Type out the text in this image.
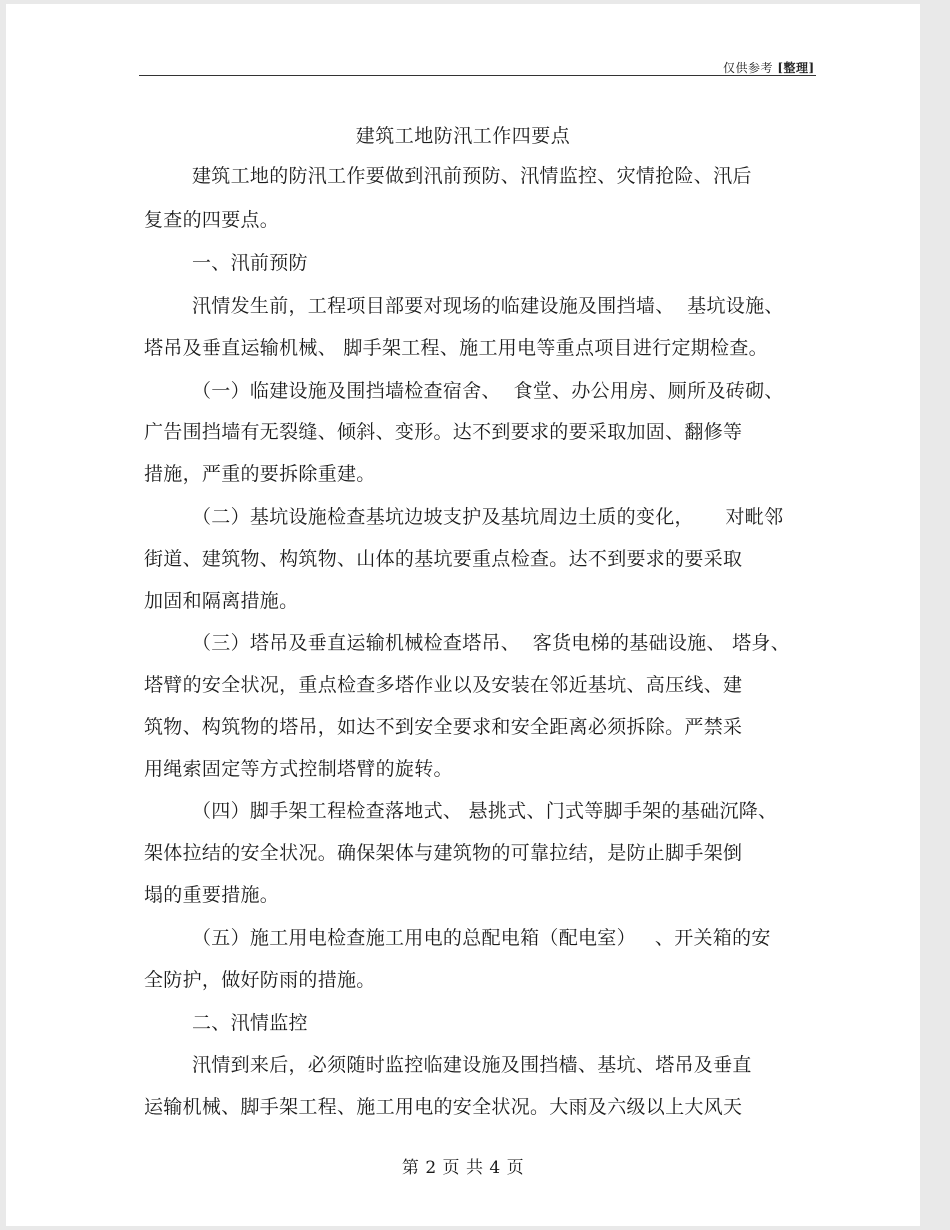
仅供参考 [整理]
建筑工地防汛工作四要点
建筑工地的防汛工作要做到汛前预防、汛情监控、灾情抢险、汛后
复查的四要点。
一、汛前预防
汛情发生前，工程项目部要对现场的临建设施及围挡墙、  基坑设施、
塔吊及垂直运输机械、 脚手架工程、施工用电等重点项目进行定期检查。
（一）临建设施及围挡墙检查宿舍、  食堂、办公用房、厕所及砖砌、
广告围挡墙有无裂缝、倾斜、变形。达不到要求的要采取加固、翻修等
措施，严重的要拆除重建。
（二）基坑设施检查基坑边坡支护及基坑周边土质的变化，     对毗邻
街道、建筑物、构筑物、山体的基坑要重点检查。达不到要求的要采取
加固和隔离措施。
（三）塔吊及垂直运输机械检查塔吊、  客货电梯的基础设施、 塔身、
塔臂的安全状况，重点检查多塔作业以及安装在邻近基坑、高压线、建
筑物、构筑物的塔吊，如达不到安全要求和安全距离必须拆除。严禁采
用绳索固定等方式控制塔臂的旋转。
（四）脚手架工程检查落地式、 悬挑式、门式等脚手架的基础沉降、
架体拉结的安全状况。确保架体与建筑物的可靠拉结，是防止脚手架倒
塌的重要措施。
（五）施工用电检查施工用电的总配电箱（配电室）   、开关箱的安
全防护，做好防雨的措施。
二、汛情监控
汛情到来后，必须随时监控临建设施及围挡樯、基坑、塔吊及垂直
运输机械、脚手架工程、施工用电的安全状况。大雨及六级以上大风天
第 2 页 共 4 页
